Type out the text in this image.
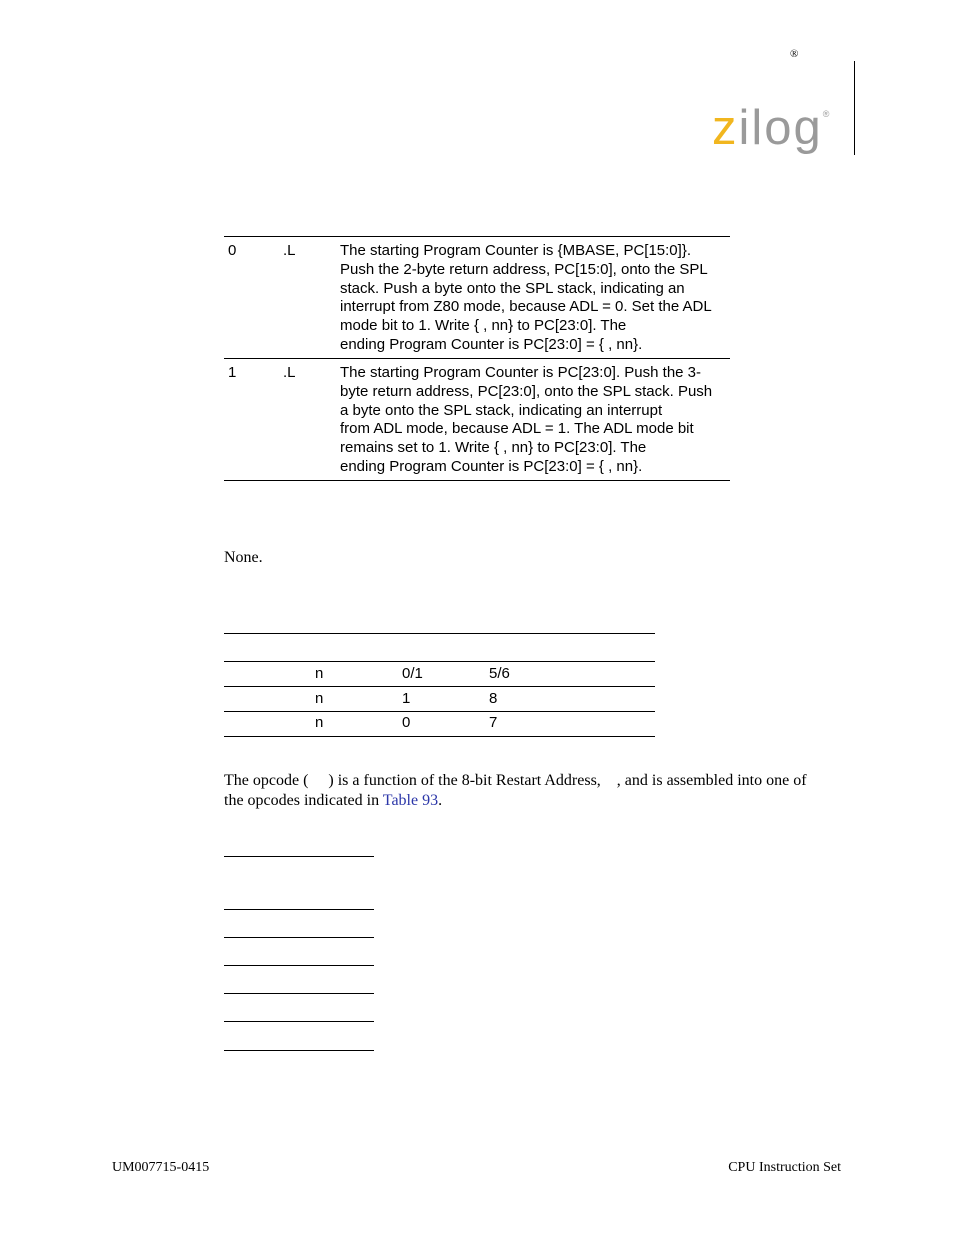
®
zilog®
0	.L	The starting Program Counter is {MBASE, PC[15:0]}.
Push the 2-byte return address, PC[15:0], onto the SPL
stack. Push a byte onto the SPL stack, indicating an
interrupt from Z80 mode, because ADL = 0. Set the ADL
mode bit to 1. Write { , nn} to PC[23:0]. The
ending Program Counter is PC[23:0] = { , nn}.
1	.L	The starting Program Counter is PC[23:0]. Push the 3-
byte return address, PC[23:0], onto the SPL stack. Push
a byte onto the SPL stack, indicating an interrupt
from ADL mode, because ADL = 1. The ADL mode bit
remains set to 1. Write { , nn} to PC[23:0]. The
ending Program Counter is PC[23:0] = { , nn}.
None.
n	0/1	5/6
n	1	8
n	0	7
The opcode (     ) is a function of the 8-bit Restart Address,    , and is assembled into one of
the opcodes indicated in Table 93.
UM007715-0415	CPU Instruction Set
